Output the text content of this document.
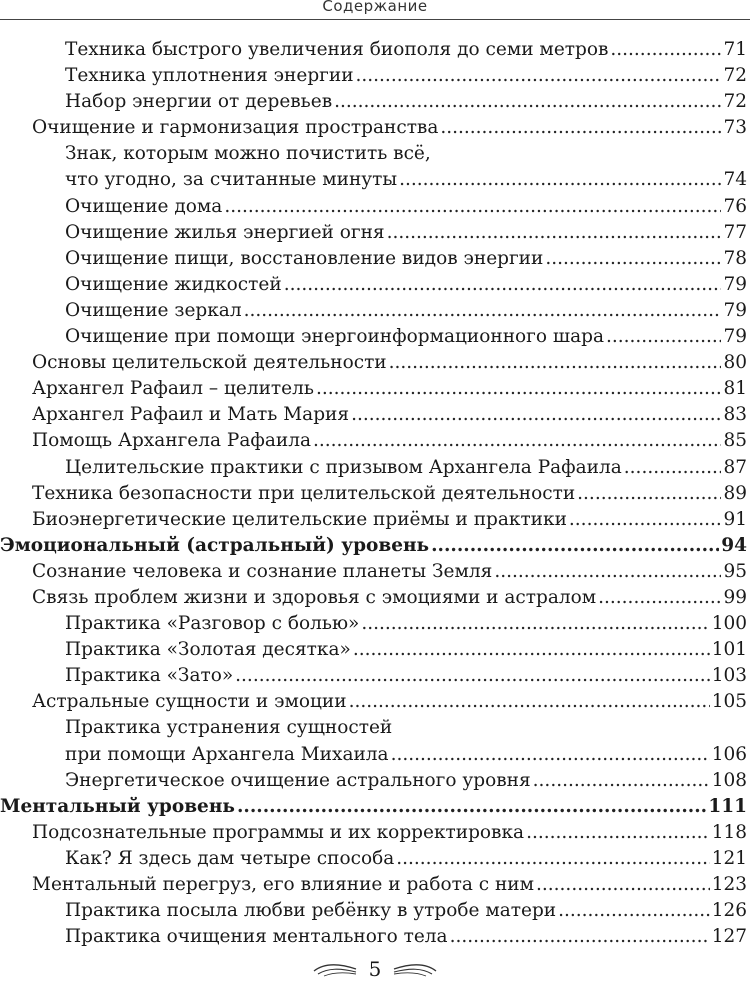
Содержание
Техника быстрого увеличения биополя до семи метров .....	71
Техника уплотнения энергии .....	72
Набор энергии от деревьев .....	72
Очищение и гармонизация пространства .....	73
Знак, которым можно почистить всё,
что угодно, за считанные минуты .....	74
Очищение дома .....	76
Очищение жилья энергией огня .....	77
Очищение пищи, восстановление видов энергии .....	78
Очищение жидкостей .....	79
Очищение зеркал .....	79
Очищение при помощи энергоинформационного шара .....	79
Основы целительской деятельности .....	80
Архангел Рафаил – целитель .....	81
Архангел Рафаил и Мать Мария .....	83
Помощь Архангела Рафаила .....	85
Целительские практики с призывом Архангела Рафаила .....	87
Техника безопасности при целительской деятельности .....	89
Биоэнергетические целительские приёмы и практики .....	91
Эмоциональный (астральный) уровень .....	94
Сознание человека и сознание планеты Земля .....	95
Связь проблем жизни и здоровья с эмоциями и астралом .....	99
Практика «Разговор с болью» .....	100
Практика «Золотая десятка» .....	101
Практика «Зато» .....	103
Астральные сущности и эмоции .....	105
Практика устранения сущностей
при помощи Архангела Михаила .....	106
Энергетическое очищение астрального уровня .....	108
Ментальный уровень .....	111
Подсознательные программы и их корректировка .....	118
Как? Я здесь дам четыре способа .....	121
Ментальный перегруз, его влияние и работа с ним .....	123
Практика посыла любви ребёнку в утробе матери .....	126
Практика очищения ментального тела .....	127
5
